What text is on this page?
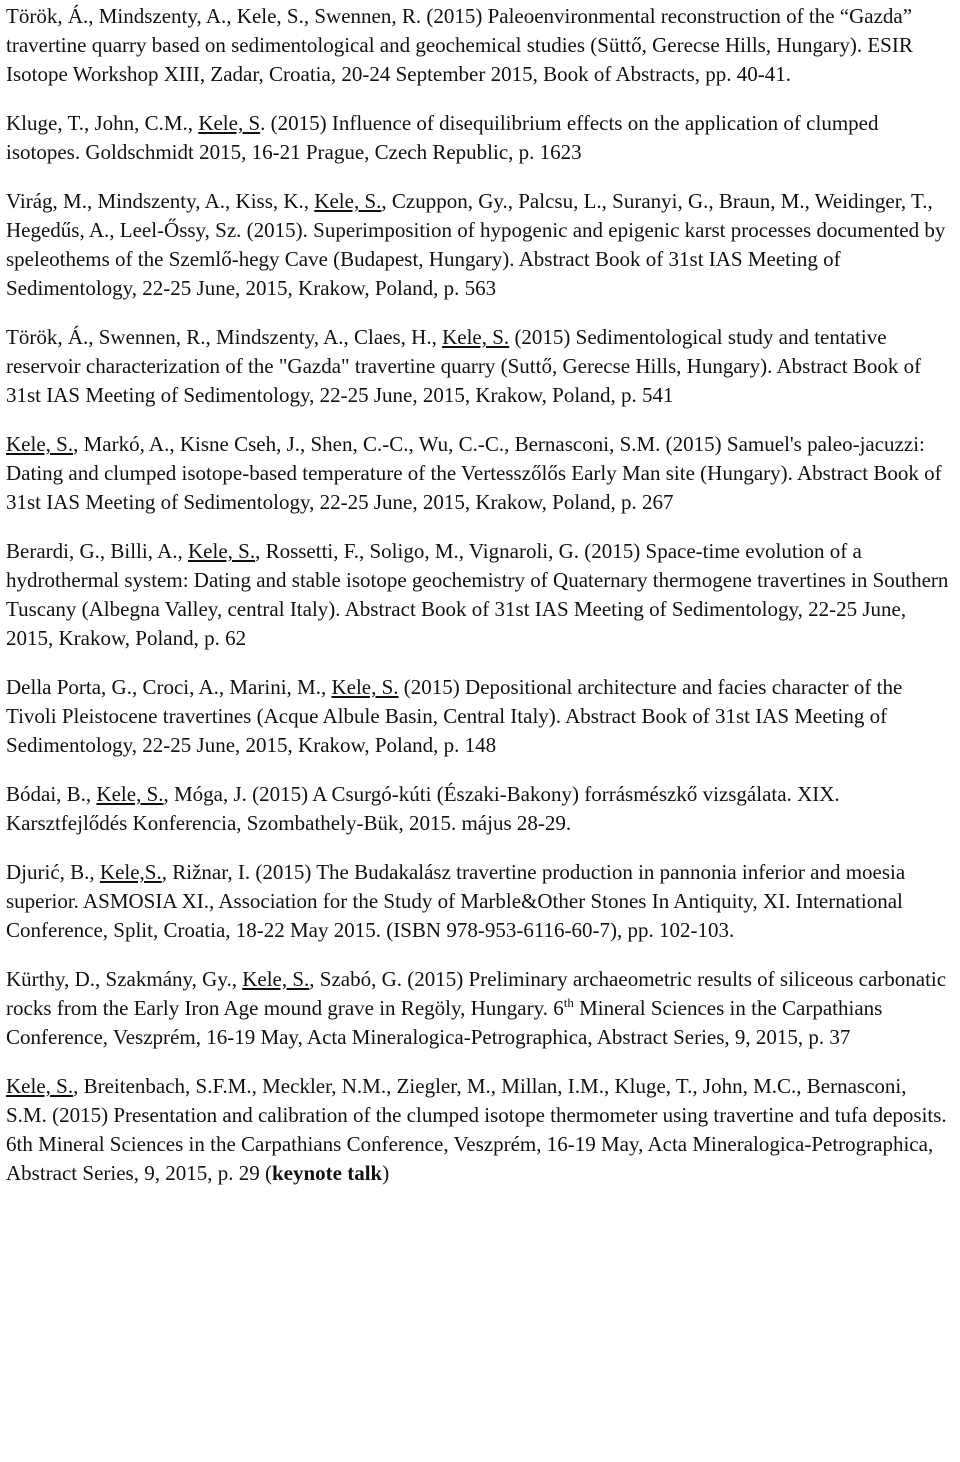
Török, Á., Mindszenty, A., Kele, S., Swennen, R. (2015) Paleoenvironmental reconstruction of the “Gazda” travertine quarry based on sedimentological and geochemical studies (Süttő, Gerecse Hills, Hungary). ESIR Isotope Workshop XIII, Zadar, Croatia, 20-24 September 2015, Book of Abstracts, pp. 40-41.

Kluge, T., John, C.M., Kele, S. (2015) Influence of disequilibrium effects on the application of clumped isotopes. Goldschmidt 2015, 16-21 Prague, Czech Republic, p. 1623

Virág, M., Mindszenty, A., Kiss, K., Kele, S., Czuppon, Gy., Palcsu, L., Suranyi, G., Braun, M., Weidinger, T., Hegedűs, A., Leel-Őssy, Sz. (2015). Superimposition of hypogenic and epigenic karst processes documented by speleothems of the Szemlő-hegy Cave (Budapest, Hungary). Abstract Book of 31st IAS Meeting of Sedimentology, 22-25 June, 2015, Krakow, Poland, p. 563

Török, Á., Swennen, R., Mindszenty, A., Claes, H., Kele, S. (2015) Sedimentological study and tentative reservoir characterization of the "Gazda" travertine quarry (Suttő, Gerecse Hills, Hungary). Abstract Book of 31st IAS Meeting of Sedimentology, 22-25 June, 2015, Krakow, Poland, p. 541

Kele, S., Markó, A., Kisne Cseh, J., Shen, C.-C., Wu, C.-C., Bernasconi, S.M. (2015) Samuel's paleo-jacuzzi: Dating and clumped isotope-based temperature of the Vertesszőlős Early Man site (Hungary). Abstract Book of 31st IAS Meeting of Sedimentology, 22-25 June, 2015, Krakow, Poland, p. 267

Berardi, G., Billi, A., Kele, S., Rossetti, F., Soligo, M., Vignaroli, G. (2015) Space-time evolution of a hydrothermal system: Dating and stable isotope geochemistry of Quaternary thermogene travertines in Southern Tuscany (Albegna Valley, central Italy). Abstract Book of 31st IAS Meeting of Sedimentology, 22-25 June, 2015, Krakow, Poland, p. 62

Della Porta, G., Croci, A., Marini, M., Kele, S. (2015) Depositional architecture and facies character of the Tivoli Pleistocene travertines (Acque Albule Basin, Central Italy). Abstract Book of 31st IAS Meeting of Sedimentology, 22-25 June, 2015, Krakow, Poland, p. 148

Bódai, B., Kele, S., Móga, J. (2015) A Csurgó-kúti (Északi-Bakony) forrásmészkő vizsgálata. XIX. Karsztfejlődés Konferencia, Szombathely-Bük, 2015. május 28-29.

Djurić, B., Kele,S., Rižnar, I. (2015) The Budakalász travertine production in pannonia inferior and moesia superior. ASMOSIA XI., Association for the Study of Marble&Other Stones In Antiquity, XI. International Conference, Split, Croatia, 18-22 May 2015. (ISBN 978-953-6116-60-7), pp. 102-103.

Kürthy, D., Szakmány, Gy., Kele, S., Szabó, G. (2015) Preliminary archaeometric results of siliceous carbonatic rocks from the Early Iron Age mound grave in Regöly, Hungary. 6th Mineral Sciences in the Carpathians Conference, Veszprém, 16-19 May, Acta Mineralogica-Petrographica, Abstract Series, 9, 2015, p. 37

Kele, S., Breitenbach, S.F.M., Meckler, N.M., Ziegler, M., Millan, I.M., Kluge, T., John, M.C., Bernasconi, S.M. (2015) Presentation and calibration of the clumped isotope thermometer using travertine and tufa deposits. 6th Mineral Sciences in the Carpathians Conference, Veszprém, 16-19 May, Acta Mineralogica-Petrographica, Abstract Series, 9, 2015, p. 29 (keynote talk)
